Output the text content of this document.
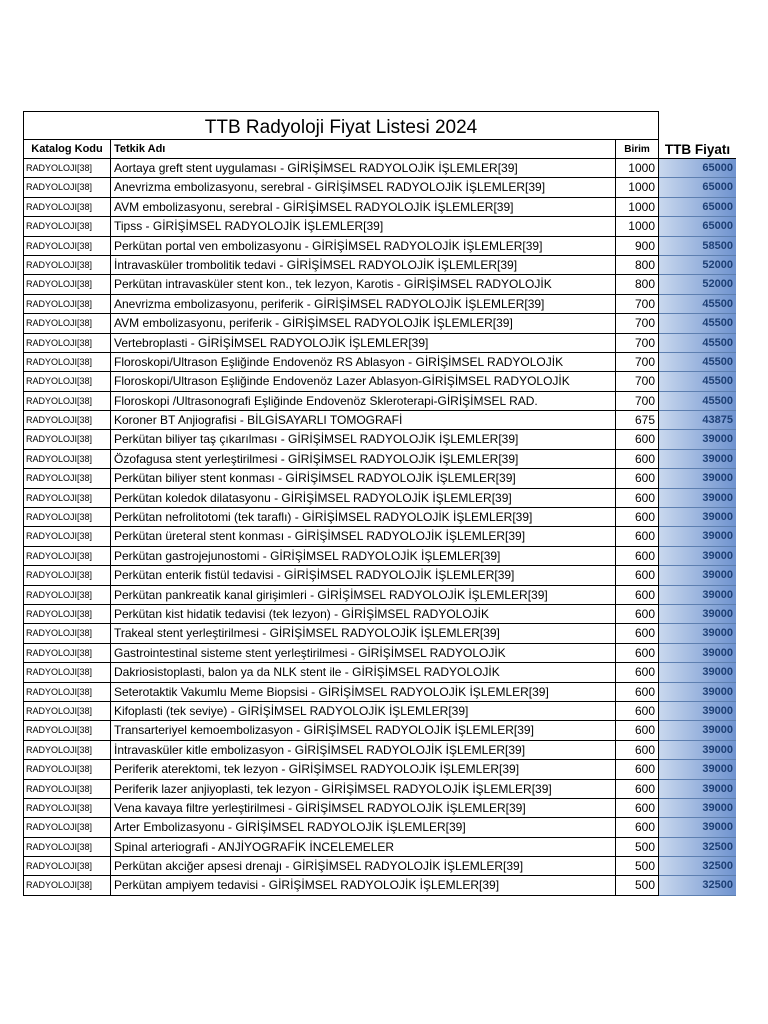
TTB Radyoloji Fiyat Listesi 2024
Katalog Kodu	Tetkik Adı	Birim	TTB Fiyatı
RADYOLOJI[38]	Aortaya greft stent uygulaması - GİRİŞİMSEL RADYOLOJİK İŞLEMLER[39]	1000	65000
RADYOLOJI[38]	Anevrizma embolizasyonu, serebral - GİRİŞİMSEL RADYOLOJİK İŞLEMLER[39]	1000	65000
RADYOLOJI[38]	AVM embolizasyonu, serebral - GİRİŞİMSEL RADYOLOJİK İŞLEMLER[39]	1000	65000
RADYOLOJI[38]	Tipss - GİRİŞİMSEL RADYOLOJİK İŞLEMLER[39]	1000	65000
RADYOLOJI[38]	Perkütan portal ven embolizasyonu - GİRİŞİMSEL RADYOLOJİK İŞLEMLER[39]	900	58500
RADYOLOJI[38]	İntravasküler trombolitik tedavi - GİRİŞİMSEL RADYOLOJİK İŞLEMLER[39]	800	52000
RADYOLOJI[38]	Perkütan intravasküler stent kon., tek lezyon, Karotis - GİRİŞİMSEL RADYOLOJİK	800	52000
RADYOLOJI[38]	Anevrizma embolizasyonu, periferik - GİRİŞİMSEL RADYOLOJİK İŞLEMLER[39]	700	45500
RADYOLOJI[38]	AVM embolizasyonu, periferik - GİRİŞİMSEL RADYOLOJİK İŞLEMLER[39]	700	45500
RADYOLOJI[38]	Vertebroplasti - GİRİŞİMSEL RADYOLOJİK İŞLEMLER[39]	700	45500
RADYOLOJI[38]	Floroskopi/Ultrason Eşliğinde Endovenöz RS Ablasyon - GİRİŞİMSEL RADYOLOJİK	700	45500
RADYOLOJI[38]	Floroskopi/Ultrason Eşliğinde Endovenöz Lazer Ablasyon-GİRİŞİMSEL RADYOLOJİK	700	45500
RADYOLOJI[38]	Floroskopi /Ultrasonografi Eşliğinde Endovenöz Skleroterapi-GİRİŞİMSEL RAD.	700	45500
RADYOLOJI[38]	Koroner BT Anjiografisi - BİLGİSAYARLI TOMOGRAFİ	675	43875
RADYOLOJI[38]	Perkütan biliyer taş çıkarılması - GİRİŞİMSEL RADYOLOJİK İŞLEMLER[39]	600	39000
RADYOLOJI[38]	Özofagusa stent yerleştirilmesi - GİRİŞİMSEL RADYOLOJİK İŞLEMLER[39]	600	39000
RADYOLOJI[38]	Perkütan biliyer stent konması - GİRİŞİMSEL RADYOLOJİK İŞLEMLER[39]	600	39000
RADYOLOJI[38]	Perkütan koledok dilatasyonu - GİRİŞİMSEL RADYOLOJİK İŞLEMLER[39]	600	39000
RADYOLOJI[38]	Perkütan nefrolitotomi (tek taraflı) - GİRİŞİMSEL RADYOLOJİK İŞLEMLER[39]	600	39000
RADYOLOJI[38]	Perkütan üreteral stent konması - GİRİŞİMSEL RADYOLOJİK İŞLEMLER[39]	600	39000
RADYOLOJI[38]	Perkütan gastrojejunostomi - GİRİŞİMSEL RADYOLOJİK İŞLEMLER[39]	600	39000
RADYOLOJI[38]	Perkütan enterik fistül tedavisi - GİRİŞİMSEL RADYOLOJİK İŞLEMLER[39]	600	39000
RADYOLOJI[38]	Perkütan pankreatik kanal girişimleri - GİRİŞİMSEL RADYOLOJİK İŞLEMLER[39]	600	39000
RADYOLOJI[38]	Perkütan kist hidatik tedavisi (tek lezyon) - GİRİŞİMSEL RADYOLOJİK	600	39000
RADYOLOJI[38]	Trakeal stent yerleştirilmesi - GİRİŞİMSEL RADYOLOJİK İŞLEMLER[39]	600	39000
RADYOLOJI[38]	Gastrointestinal sisteme stent yerleştirilmesi - GİRİŞİMSEL RADYOLOJİK	600	39000
RADYOLOJI[38]	Dakriosistoplasti, balon ya da NLK stent ile - GİRİŞİMSEL RADYOLOJİK	600	39000
RADYOLOJI[38]	Seterotaktik Vakumlu Meme Biopsisi - GİRİŞİMSEL RADYOLOJİK İŞLEMLER[39]	600	39000
RADYOLOJI[38]	Kifoplasti (tek seviye) - GİRİŞİMSEL RADYOLOJİK İŞLEMLER[39]	600	39000
RADYOLOJI[38]	Transarteriyel kemoembolizasyon - GİRİŞİMSEL RADYOLOJİK İŞLEMLER[39]	600	39000
RADYOLOJI[38]	İntravasküler kitle embolizasyon - GİRİŞİMSEL RADYOLOJİK İŞLEMLER[39]	600	39000
RADYOLOJI[38]	Periferik aterektomi, tek lezyon - GİRİŞİMSEL RADYOLOJİK İŞLEMLER[39]	600	39000
RADYOLOJI[38]	Periferik lazer anjiyoplasti, tek lezyon - GİRİŞİMSEL RADYOLOJİK İŞLEMLER[39]	600	39000
RADYOLOJI[38]	Vena kavaya filtre yerleştirilmesi - GİRİŞİMSEL RADYOLOJİK İŞLEMLER[39]	600	39000
RADYOLOJI[38]	Arter Embolizasyonu - GİRİŞİMSEL RADYOLOJİK İŞLEMLER[39]	600	39000
RADYOLOJI[38]	Spinal arteriografi - ANJİYOGRAFİK İNCELEMELER	500	32500
RADYOLOJI[38]	Perkütan akciğer apsesi drenajı - GİRİŞİMSEL RADYOLOJİK İŞLEMLER[39]	500	32500
RADYOLOJI[38]	Perkütan ampiyem tedavisi - GİRİŞİMSEL RADYOLOJİK İŞLEMLER[39]	500	32500
